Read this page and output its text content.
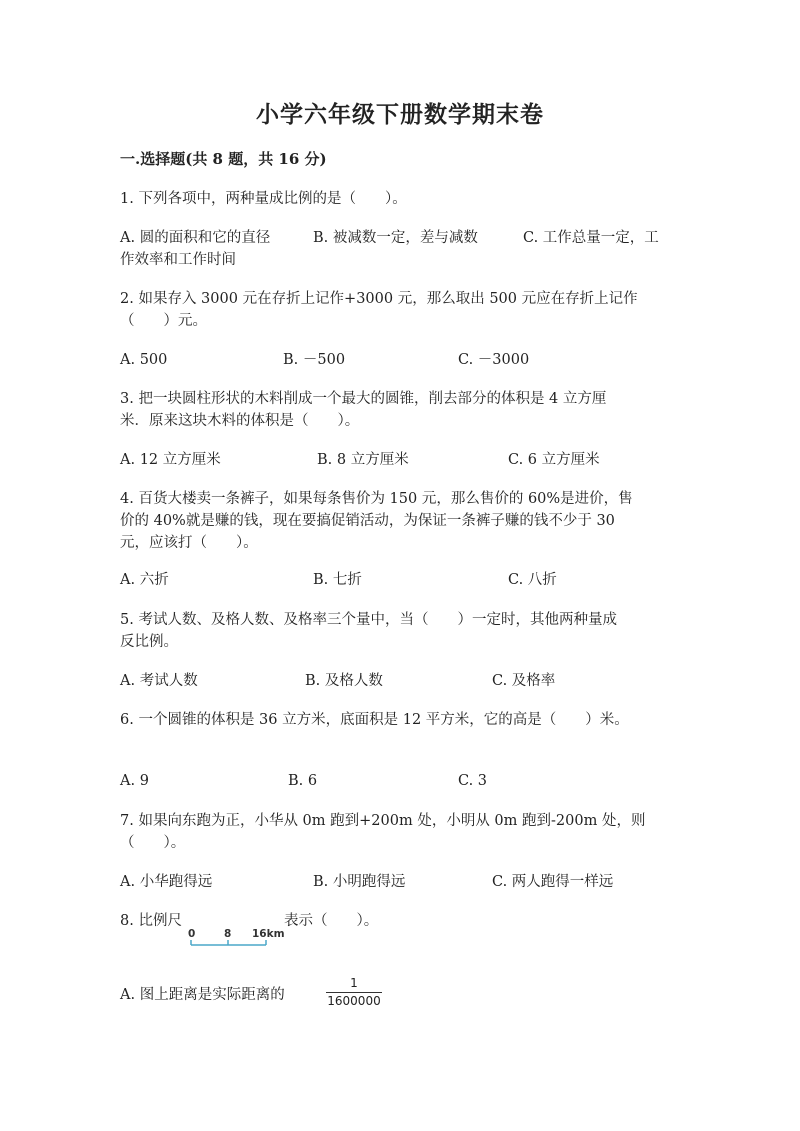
小学六年级下册数学期末卷
一.选择题(共 8 题，共 16 分)
1. 下列各项中，两种量成比例的是（　　）。
A. 圆的面积和它的直径	B. 被减数一定，差与减数	C. 工作总量一定，工
作效率和工作时间
2. 如果存入 3000 元在存折上记作+3000 元，那么取出 500 元应在存折上记作
（　　）元。
A. 500	B. －500	C. －3000
3. 把一块圆柱形状的木料削成一个最大的圆锥，削去部分的体积是 4 立方厘
米．原来这块木料的体积是（　　）。
A. 12 立方厘米	B. 8 立方厘米	C. 6 立方厘米
4. 百货大楼卖一条裤子，如果每条售价为 150 元，那么售价的 60%是进价，售
价的 40%就是赚的钱，现在要搞促销活动，为保证一条裤子赚的钱不少于 30
元，应该打（　　）。
A. 六折	B. 七折	C. 八折
5. 考试人数、及格人数、及格率三个量中，当（　　）一定时，其他两种量成
反比例。
A. 考试人数	B. 及格人数	C. 及格率
6. 一个圆锥的体积是 36 立方米，底面积是 12 平方米，它的高是（　　）米。
A. 9	B. 6	C. 3
7. 如果向东跑为正，小华从 0m 跑到+200m 处，小明从 0m 跑到-200m 处，则
（　　）。
A. 小华跑得远	B. 小明跑得远	C. 两人跑得一样远
8. 比例尺	表示（　　）。
0	8 16km
A. 图上距离是实际距离的
1
1600000
